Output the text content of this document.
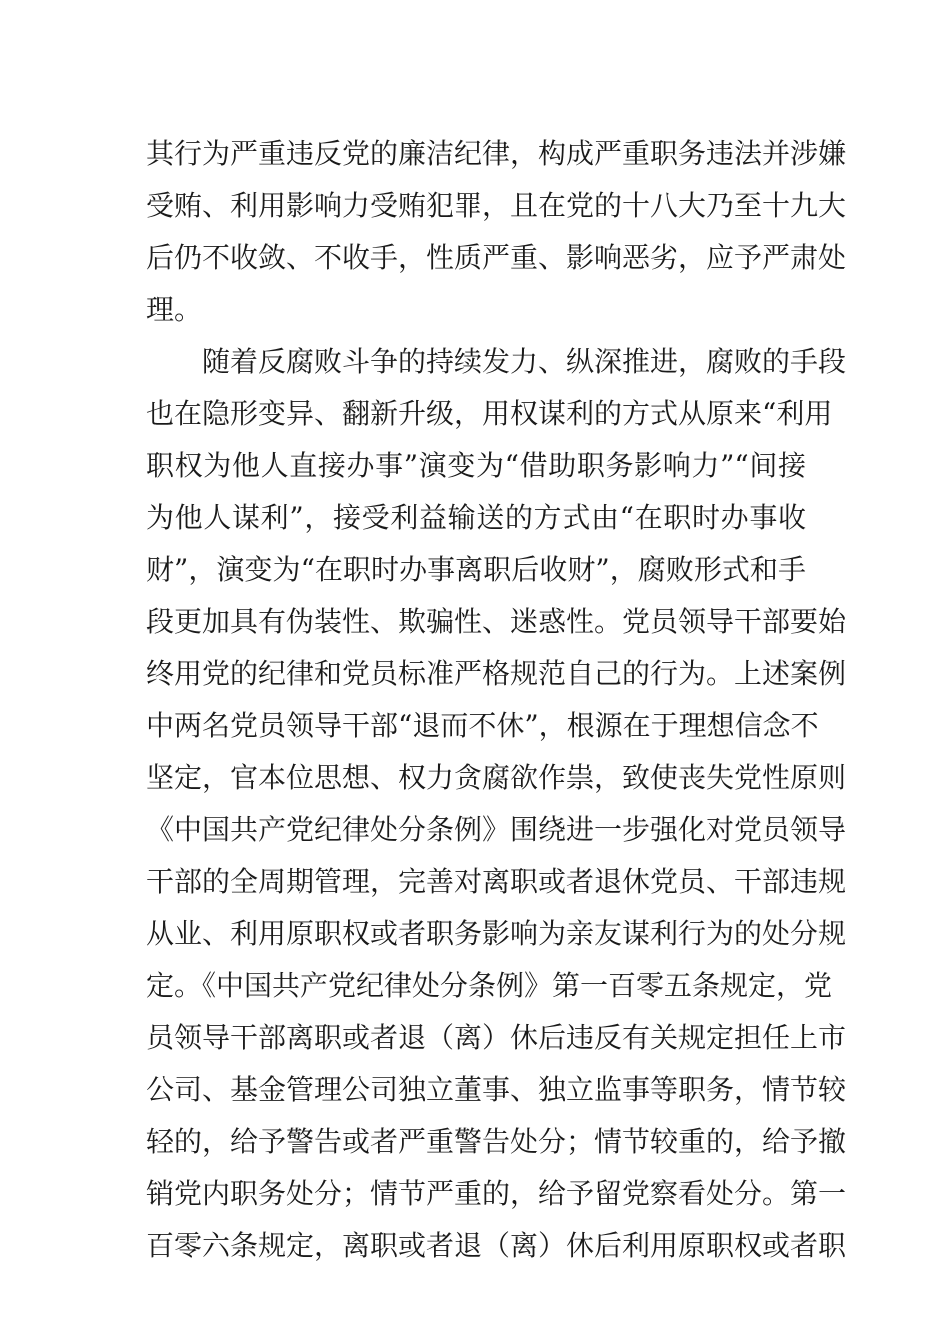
其行为严重违反党的廉洁纪律，构成严重职务违法并涉嫌
受贿、利用影响力受贿犯罪，且在党的十八大乃至十九大
后仍不收敛、不收手，性质严重、影响恶劣，应予严肃处
理。
随着反腐败斗争的持续发力、纵深推进，腐败的手段
也在隐形变异、翻新升级，用权谋利的方式从原来“利用
职权为他人直接办事”演变为“借助职务影响力”“间接
为他人谋利”，接受利益输送的方式由“在职时办事收
财”，演变为“在职时办事离职后收财”，腐败形式和手
段更加具有伪装性、欺骗性、迷惑性。党员领导干部要始
终用党的纪律和党员标准严格规范自己的行为。上述案例
中两名党员领导干部“退而不休”，根源在于理想信念不
坚定，官本位思想、权力贪腐欲作祟，致使丧失党性原则
《中国共产党纪律处分条例》围绕进一步强化对党员领导
干部的全周期管理，完善对离职或者退休党员、干部违规
从业、利用原职权或者职务影响为亲友谋利行为的处分规
定。《中国共产党纪律处分条例》第一百零五条规定，党
员领导干部离职或者退（离）休后违反有关规定担任上市
公司、基金管理公司独立董事、独立监事等职务，情节较
轻的，给予警告或者严重警告处分；情节较重的，给予撤
销党内职务处分；情节严重的，给予留党察看处分。第一
百零六条规定，离职或者退（离）休后利用原职权或者职
